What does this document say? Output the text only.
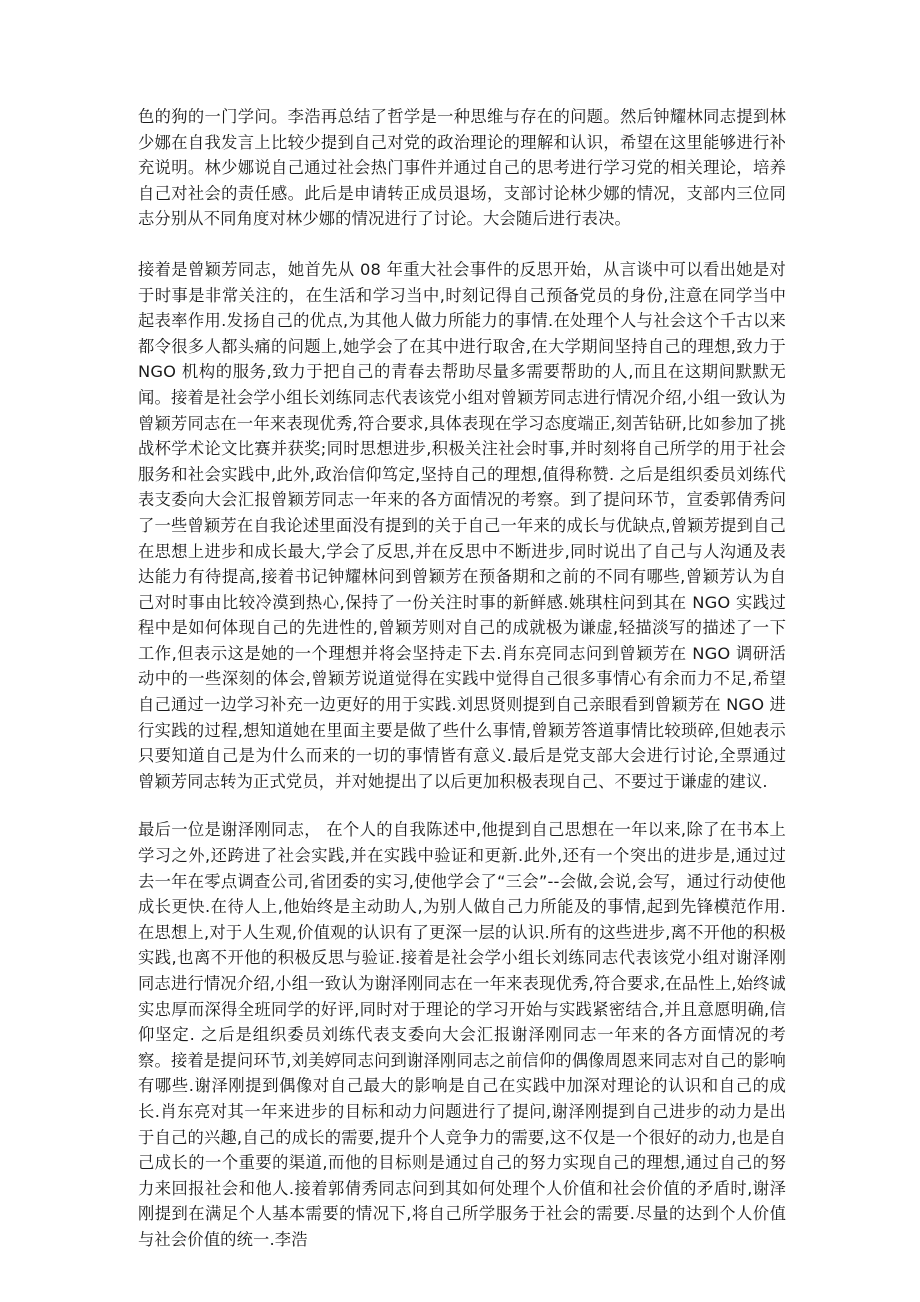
色的狗的一门学问。李浩再总结了哲学是一种思维与存在的问题。然后钟耀林同志提到林少娜在自我发言上比较少提到自己对党的政治理论的理解和认识，希望在这里能够进行补充说明。林少娜说自己通过社会热门事件并通过自己的思考进行学习党的相关理论，培养自己对社会的责任感。此后是申请转正成员退场，支部讨论林少娜的情况，支部内三位同志分别从不同角度对林少娜的情况进行了讨论。大会随后进行表决。

接着是曾颖芳同志，她首先从 08 年重大社会事件的反思开始，从言谈中可以看出她是对于时事是非常关注的，在生活和学习当中,时刻记得自己预备党员的身份,注意在同学当中起表率作用.发扬自己的优点,为其他人做力所能力的事情.在处理个人与社会这个千古以来都令很多人都头痛的问题上,她学会了在其中进行取舍,在大学期间坚持自己的理想,致力于 NGO 机构的服务,致力于把自己的青春去帮助尽量多需要帮助的人,而且在这期间默默无闻。接着是社会学小组长刘练同志代表该党小组对曾颖芳同志进行情况介绍,小组一致认为曾颖芳同志在一年来表现优秀,符合要求,具体表现在学习态度端正,刻苦钻研,比如参加了挑战杯学术论文比赛并获奖;同时思想进步,积极关注社会时事,并时刻将自己所学的用于社会服务和社会实践中,此外,政治信仰笃定,坚持自己的理想,值得称赞. 之后是组织委员刘练代表支委向大会汇报曾颖芳同志一年来的各方面情况的考察。到了提问环节，宣委郭倩秀问了一些曾颖芳在自我论述里面没有提到的关于自己一年来的成长与优缺点,曾颖芳提到自己在思想上进步和成长最大,学会了反思,并在反思中不断进步,同时说出了自己与人沟通及表达能力有待提高,接着书记钟耀林问到曾颖芳在预备期和之前的不同有哪些,曾颖芳认为自己对时事由比较冷漠到热心,保持了一份关注时事的新鲜感.姚琪柱问到其在 NGO 实践过程中是如何体现自己的先进性的,曾颖芳则对自己的成就极为谦虚,轻描淡写的描述了一下工作,但表示这是她的一个理想并将会坚持走下去.肖东亮同志问到曾颖芳在 NGO 调研活动中的一些深刻的体会,曾颖芳说道觉得在实践中觉得自己很多事情心有余而力不足,希望自己通过一边学习补充一边更好的用于实践.刘思贤则提到自己亲眼看到曾颖芳在 NGO 进行实践的过程,想知道她在里面主要是做了些什么事情,曾颖芳答道事情比较琐碎,但她表示只要知道自己是为什么而来的一切的事情皆有意义.最后是党支部大会进行讨论,全票通过曾颖芳同志转为正式党员，并对她提出了以后更加积极表现自己、不要过于谦虚的建议.

最后一位是谢泽刚同志， 在个人的自我陈述中,他提到自己思想在一年以来,除了在书本上学习之外,还跨进了社会实践,并在实践中验证和更新.此外,还有一个突出的进步是,通过过去一年在零点调查公司,省团委的实习,使他学会了“三会”--会做,会说,会写，通过行动使他成长更快.在待人上,他始终是主动助人,为别人做自己力所能及的事情,起到先锋模范作用.在思想上,对于人生观,价值观的认识有了更深一层的认识.所有的这些进步,离不开他的积极实践,也离不开他的积极反思与验证.接着是社会学小组长刘练同志代表该党小组对谢泽刚同志进行情况介绍,小组一致认为谢泽刚同志在一年来表现优秀,符合要求,在品性上,始终诚实忠厚而深得全班同学的好评,同时对于理论的学习开始与实践紧密结合,并且意愿明确,信仰坚定. 之后是组织委员刘练代表支委向大会汇报谢泽刚同志一年来的各方面情况的考察。接着是提问环节,刘美婷同志问到谢泽刚同志之前信仰的偶像周恩来同志对自己的影响有哪些.谢泽刚提到偶像对自己最大的影响是自己在实践中加深对理论的认识和自己的成长.肖东亮对其一年来进步的目标和动力问题进行了提问,谢泽刚提到自己进步的动力是出于自己的兴趣,自己的成长的需要,提升个人竞争力的需要,这不仅是一个很好的动力,也是自己成长的一个重要的渠道,而他的目标则是通过自己的努力实现自己的理想,通过自己的努力来回报社会和他人.接着郭倩秀同志问到其如何处理个人价值和社会价值的矛盾时,谢泽刚提到在满足个人基本需要的情况下,将自己所学服务于社会的需要.尽量的达到个人价值与社会价值的统一.李浩
